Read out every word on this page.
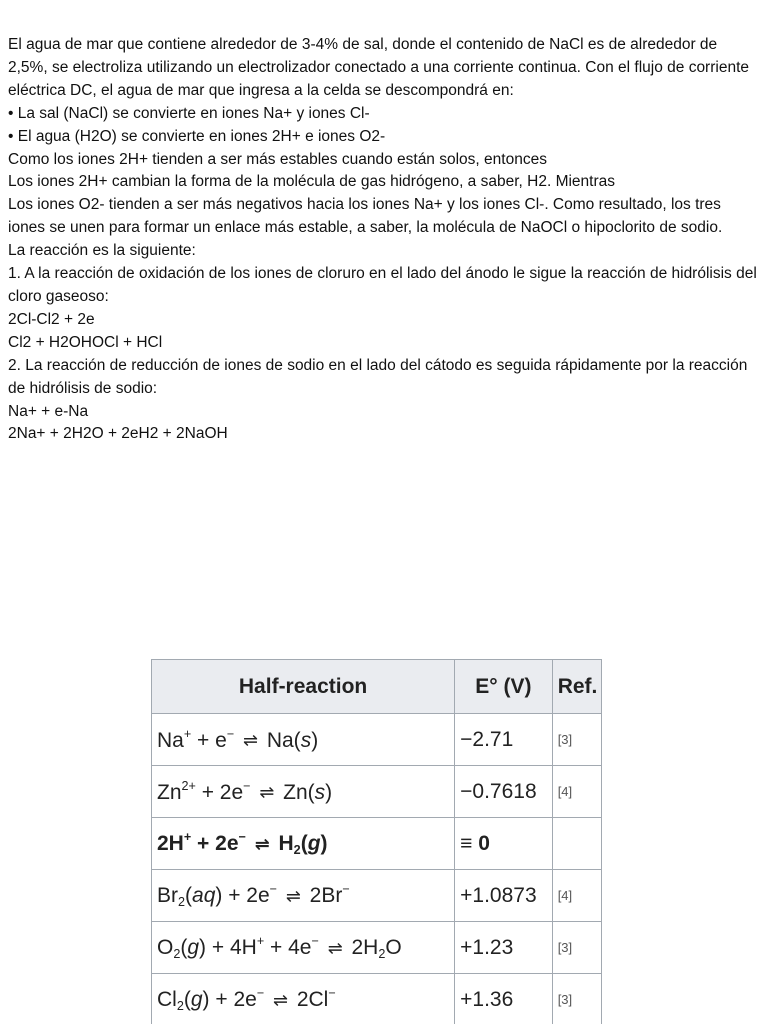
El agua de mar que contiene alrededor de 3-4% de sal, donde el contenido de NaCl es de alrededor de 2,5%, se electroliza utilizando un electrolizador conectado a una corriente continua. Con el flujo de corriente eléctrica DC, el agua de mar que ingresa a la celda se descompondrá en:

• La sal (NaCl) se convierte en iones Na+ y iones Cl-

• El agua (H2O) se convierte en iones 2H+ e iones O2-

Como los iones 2H+ tienden a ser más estables cuando están solos, entonces

Los iones 2H+ cambian la forma de la molécula de gas hidrógeno, a saber, H2. Mientras

Los iones O2- tienden a ser más negativos hacia los iones Na+ y los iones Cl-. Como resultado, los tres iones se unen para formar un enlace más estable, a saber, la molécula de NaOCl o hipoclorito de sodio.

La reacción es la siguiente:

1. A la reacción de oxidación de los iones de cloruro en el lado del ánodo le sigue la reacción de hidrólisis del cloro gaseoso:

2Cl-Cl2 + 2e

Cl2 + H2OHOCl + HCl

2. La reacción de reducción de iones de sodio en el lado del cátodo es seguida rápidamente por la reacción de hidrólisis de sodio:

Na+ + e-Na

2Na+ + 2H2O + 2eH2 + 2NaOH

Half-reaction	E° (V)	Ref.
Na+ + e− ⇌ Na(s)	−2.71	[3]
$Zn^{2+} + 2e^-$ ⇌ Zn(s)	−0.7618	[4]
2H+ + 2e− ⇌ $H_2(g)$	≡ 0	
$Br_2(aq) + 2e^-$ ⇌ 2Br−	+1.0873	[4]
$O_2(g) + 4H^+ + 4e^-$ ⇌ $2H_2O$	+1.23	[3]
$Cl_2(g) + 2e^-$ ⇌ 2Cl−	+1.36	[3]
